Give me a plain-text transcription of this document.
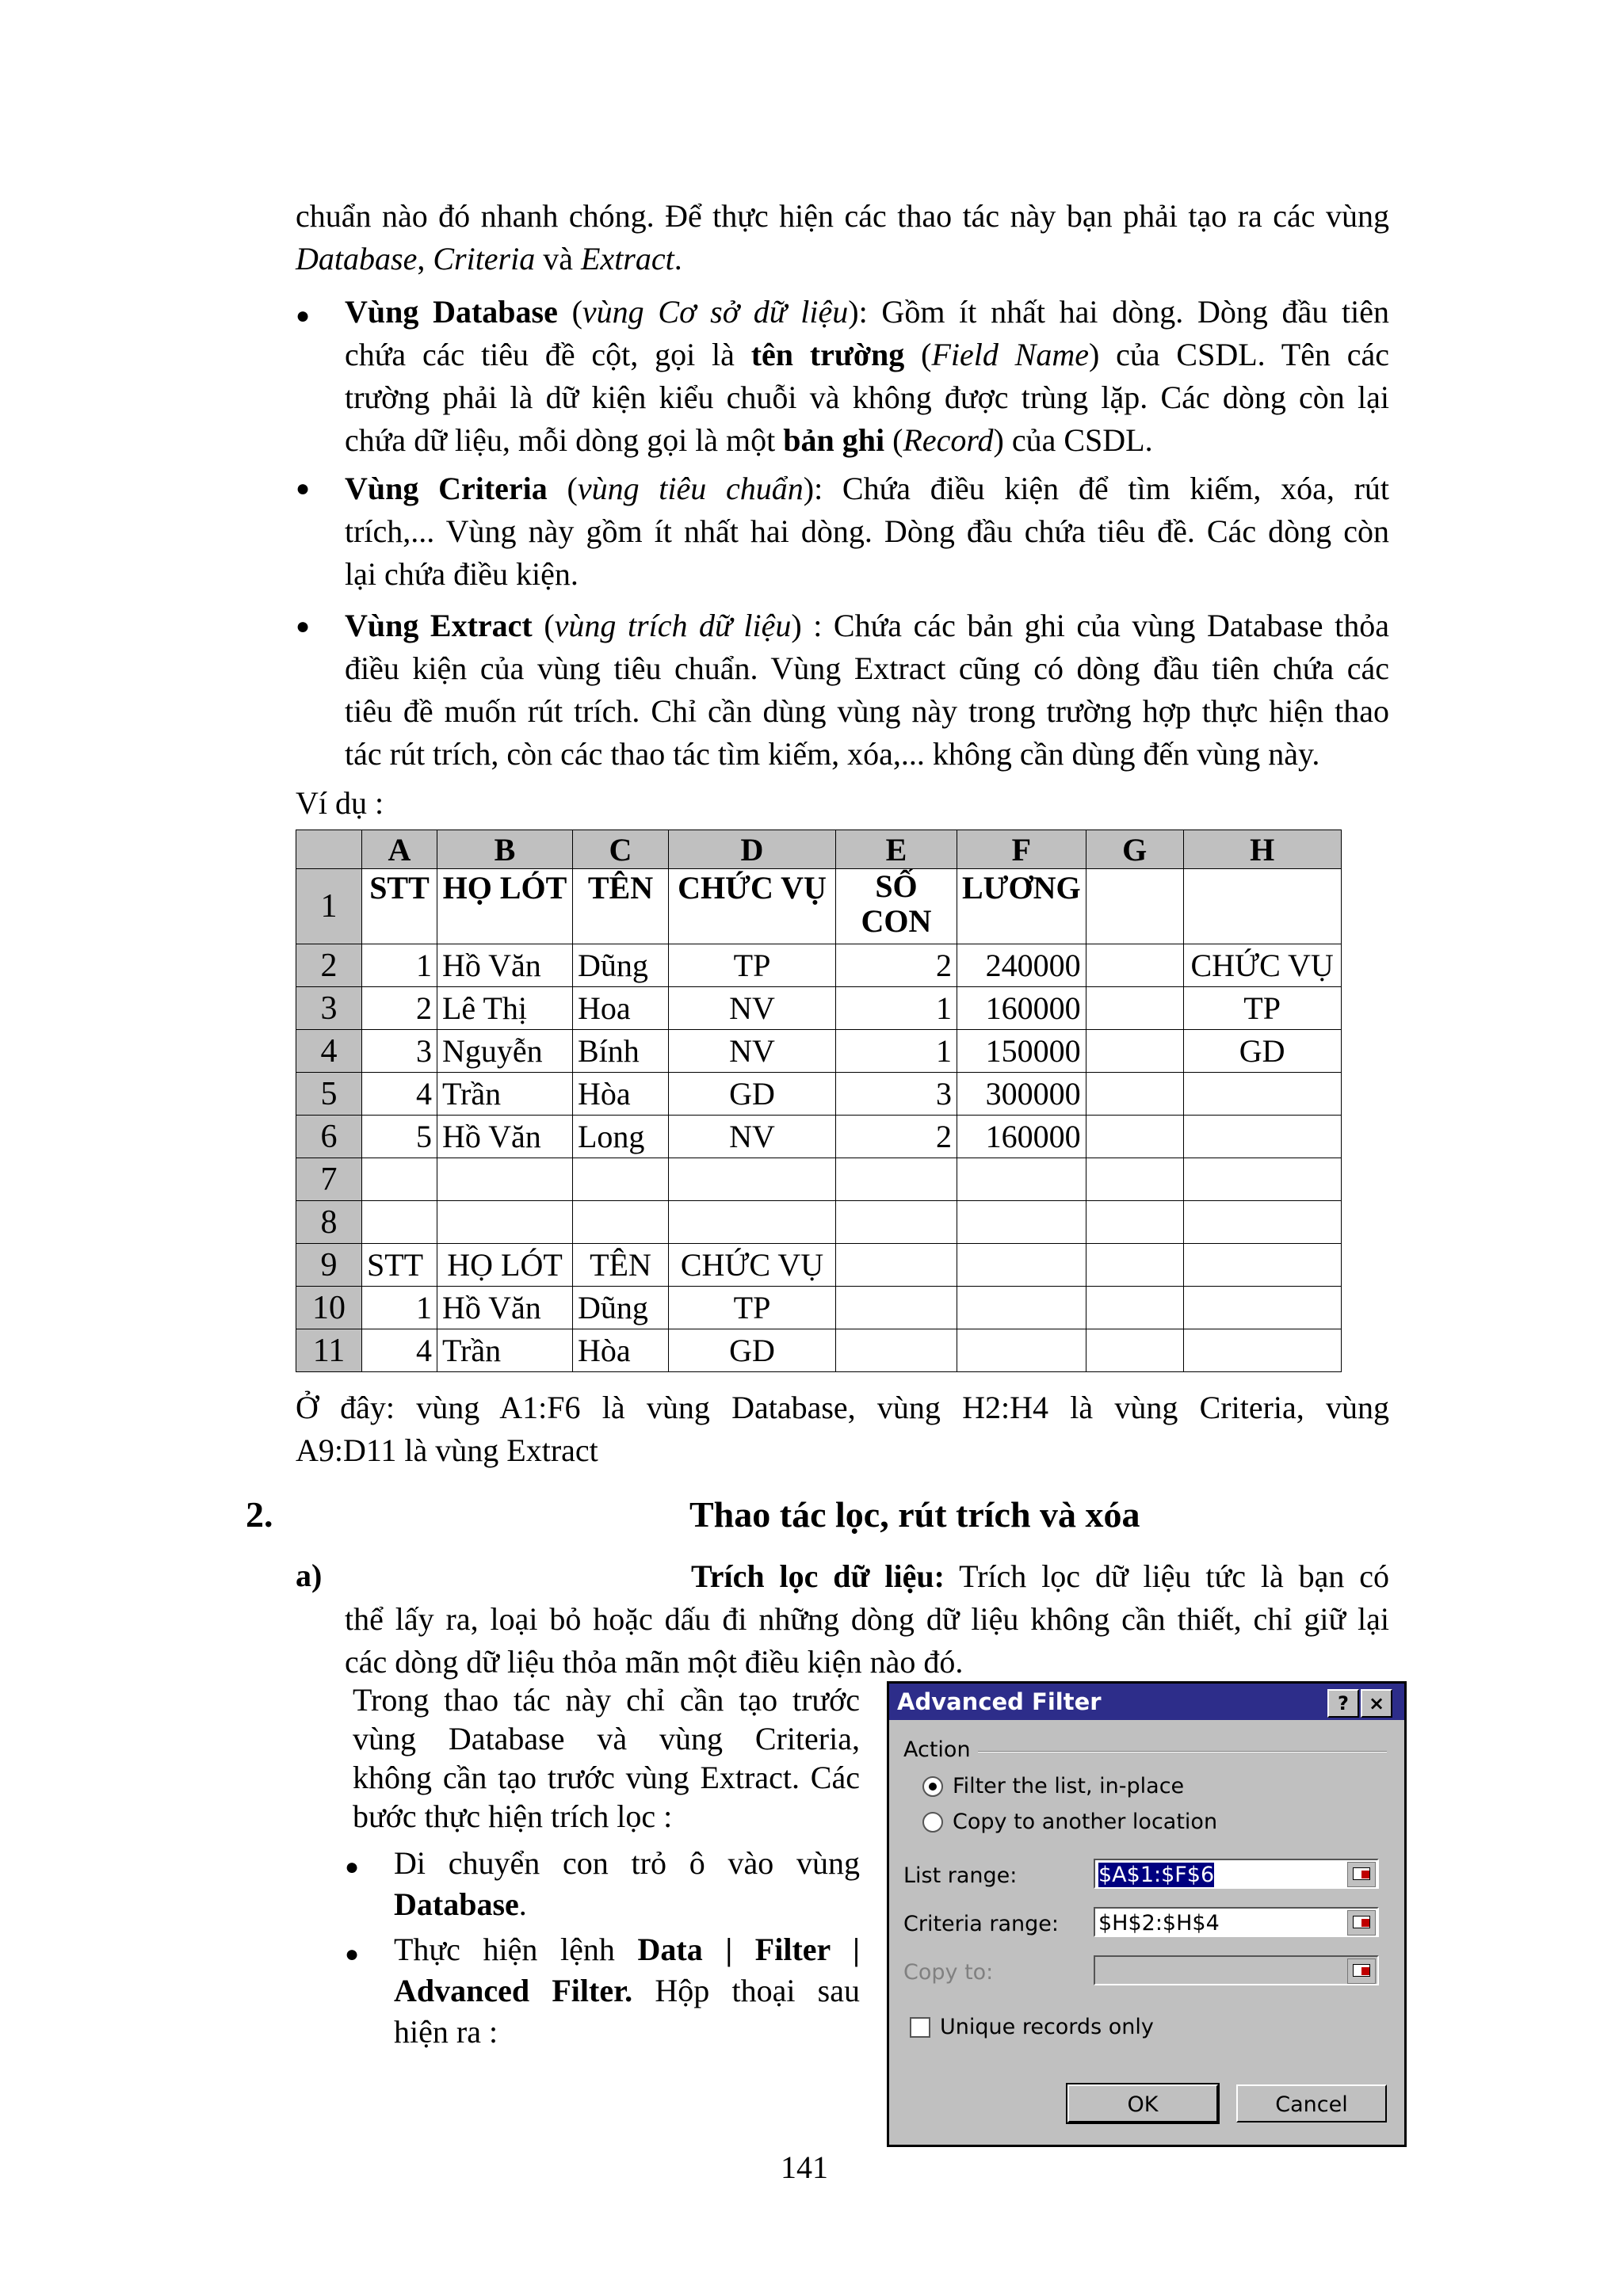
chuẩn nào đó nhanh chóng. Để thực hiện các thao tác này bạn phải tạo ra các vùng
Database, Criteria và Extract.
● Vùng Database (vùng Cơ sở dữ liệu): Gồm ít nhất hai dòng. Dòng đầu tiên
chứa các tiêu đề cột, gọi là tên trường (Field Name) của CSDL. Tên các
trường phải là dữ kiện kiểu chuỗi và không được trùng lặp. Các dòng còn lại
chứa dữ liệu, mỗi dòng gọi là một bản ghi (Record) của CSDL.
● Vùng Criteria (vùng tiêu chuẩn): Chứa điều kiện để tìm kiếm, xóa, rút
trích,... Vùng này gồm ít nhất hai dòng. Dòng đầu chứa tiêu đề. Các dòng còn
lại chứa điều kiện.
● Vùng Extract (vùng trích dữ liệu) : Chứa các bản ghi của vùng Database thỏa
điều kiện của vùng tiêu chuẩn. Vùng Extract cũng có dòng đầu tiên chứa các
tiêu đề muốn rút trích. Chỉ cần dùng vùng này trong trường hợp thực hiện thao
tác rút trích, còn các thao tác tìm kiếm, xóa,... không cần dùng đến vùng này.
Ví dụ :
	A	B	C	D	E	F	G	H
1	STT	HỌ LÓT	TÊN	CHỨC VỤ	SỐ CON	LƯƠNG		
2	1	Hồ Văn	Dũng	TP	2	240000		CHỨC VỤ
3	2	Lê Thị	Hoa	NV	1	160000		TP
4	3	Nguyễn	Bính	NV	1	150000		GD
5	4	Trần	Hòa	GD	3	300000		
6	5	Hồ Văn	Long	NV	2	160000		
7								
8								
9	STT	HỌ LÓT	TÊN	CHỨC VỤ				
10	1	Hồ Văn	Dũng	TP				
11	4	Trần	Hòa	GD				
Ở đây: vùng A1:F6 là vùng Database, vùng H2:H4 là vùng Criteria, vùng
A9:D11 là vùng Extract
2.	Thao tác lọc, rút trích và xóa
a)	Trích lọc dữ liệu: Trích lọc dữ liệu tức là bạn có
thể lấy ra, loại bỏ hoặc dấu đi những dòng dữ liệu không cần thiết, chỉ giữ lại
các dòng dữ liệu thỏa mãn một điều kiện nào đó.
Trong thao tác này chỉ cần tạo trước
vùng Database và vùng Criteria,
không cần tạo trước vùng Extract. Các
bước thực hiện trích lọc :
● Di chuyển con trỏ ô vào vùng
Database.
● Thực hiện lệnh Data | Filter |
Advanced Filter. Hộp thoại sau
hiện ra :
Advanced Filter	?	×
Action
Filter the list, in-place
Copy to another location
List range:	$A$1:$F$6
Criteria range: $H$2:$H$4
Copy to:
Unique records only
OK	Cancel
141
